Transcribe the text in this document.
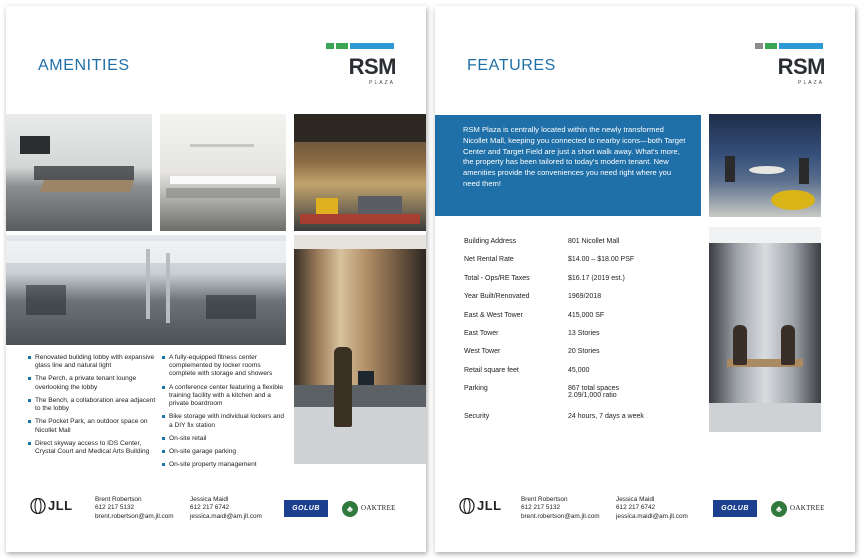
AMENITIES	RSM
PLAZA
Renovated building lobby with expansive glass line and natural light
The Perch, a private tenant lounge overlooking the lobby
The Bench, a collaboration area adjacent to the lobby
The Pocket Park, an outdoor space on Nicollet Mall
Direct skyway access to IDS Center, Crystal Court and Medical Arts Building
A fully-equipped fitness center complemented by locker rooms complete with storage and showers
A conference center featuring a flexible training facility with a kitchen and a private boardroom
Bike storage with individual lockers and a DIY fix station
On-site retail
On-site garage parking
On-site property management
JLL	Brent Robertson
612 217 5132
brent.robertson@am.jll.com
Jessica Maidl
612 217 6742
jessica.maidl@am.jll.com
GOLUB	♣	OAKTREE
FEATURES	RSM
PLAZA
RSM Plaza is centrally located within the newly transformed Nicollet Mall, keeping you connected to nearby icons—both Target Center and Target Field are just a short walk away. What's more, the property has been tailored to today's modern tenant. New amenities provide the conveniences you need right where you need them!
Building Address	801 Nicollet Mall
Net Rental Rate	$14.00 – $18.00 PSF
Total - Ops/RE Taxes	$16.17 (2019 est.)
Year Built/Renovated	1969/2018
East & West Tower	415,000 SF
East Tower	13 Stories
West Tower	20 Stories
Retail square feet	45,000
Parking	867 total spaces
2.09/1,000 ratio
Security	24 hours, 7 days a week
JLL	Brent Robertson
612 217 5132
brent.robertson@am.jll.com
Jessica Maidl
612 217 6742
jessica.maidl@am.jll.com
GOLUB	♣	OAKTREE
